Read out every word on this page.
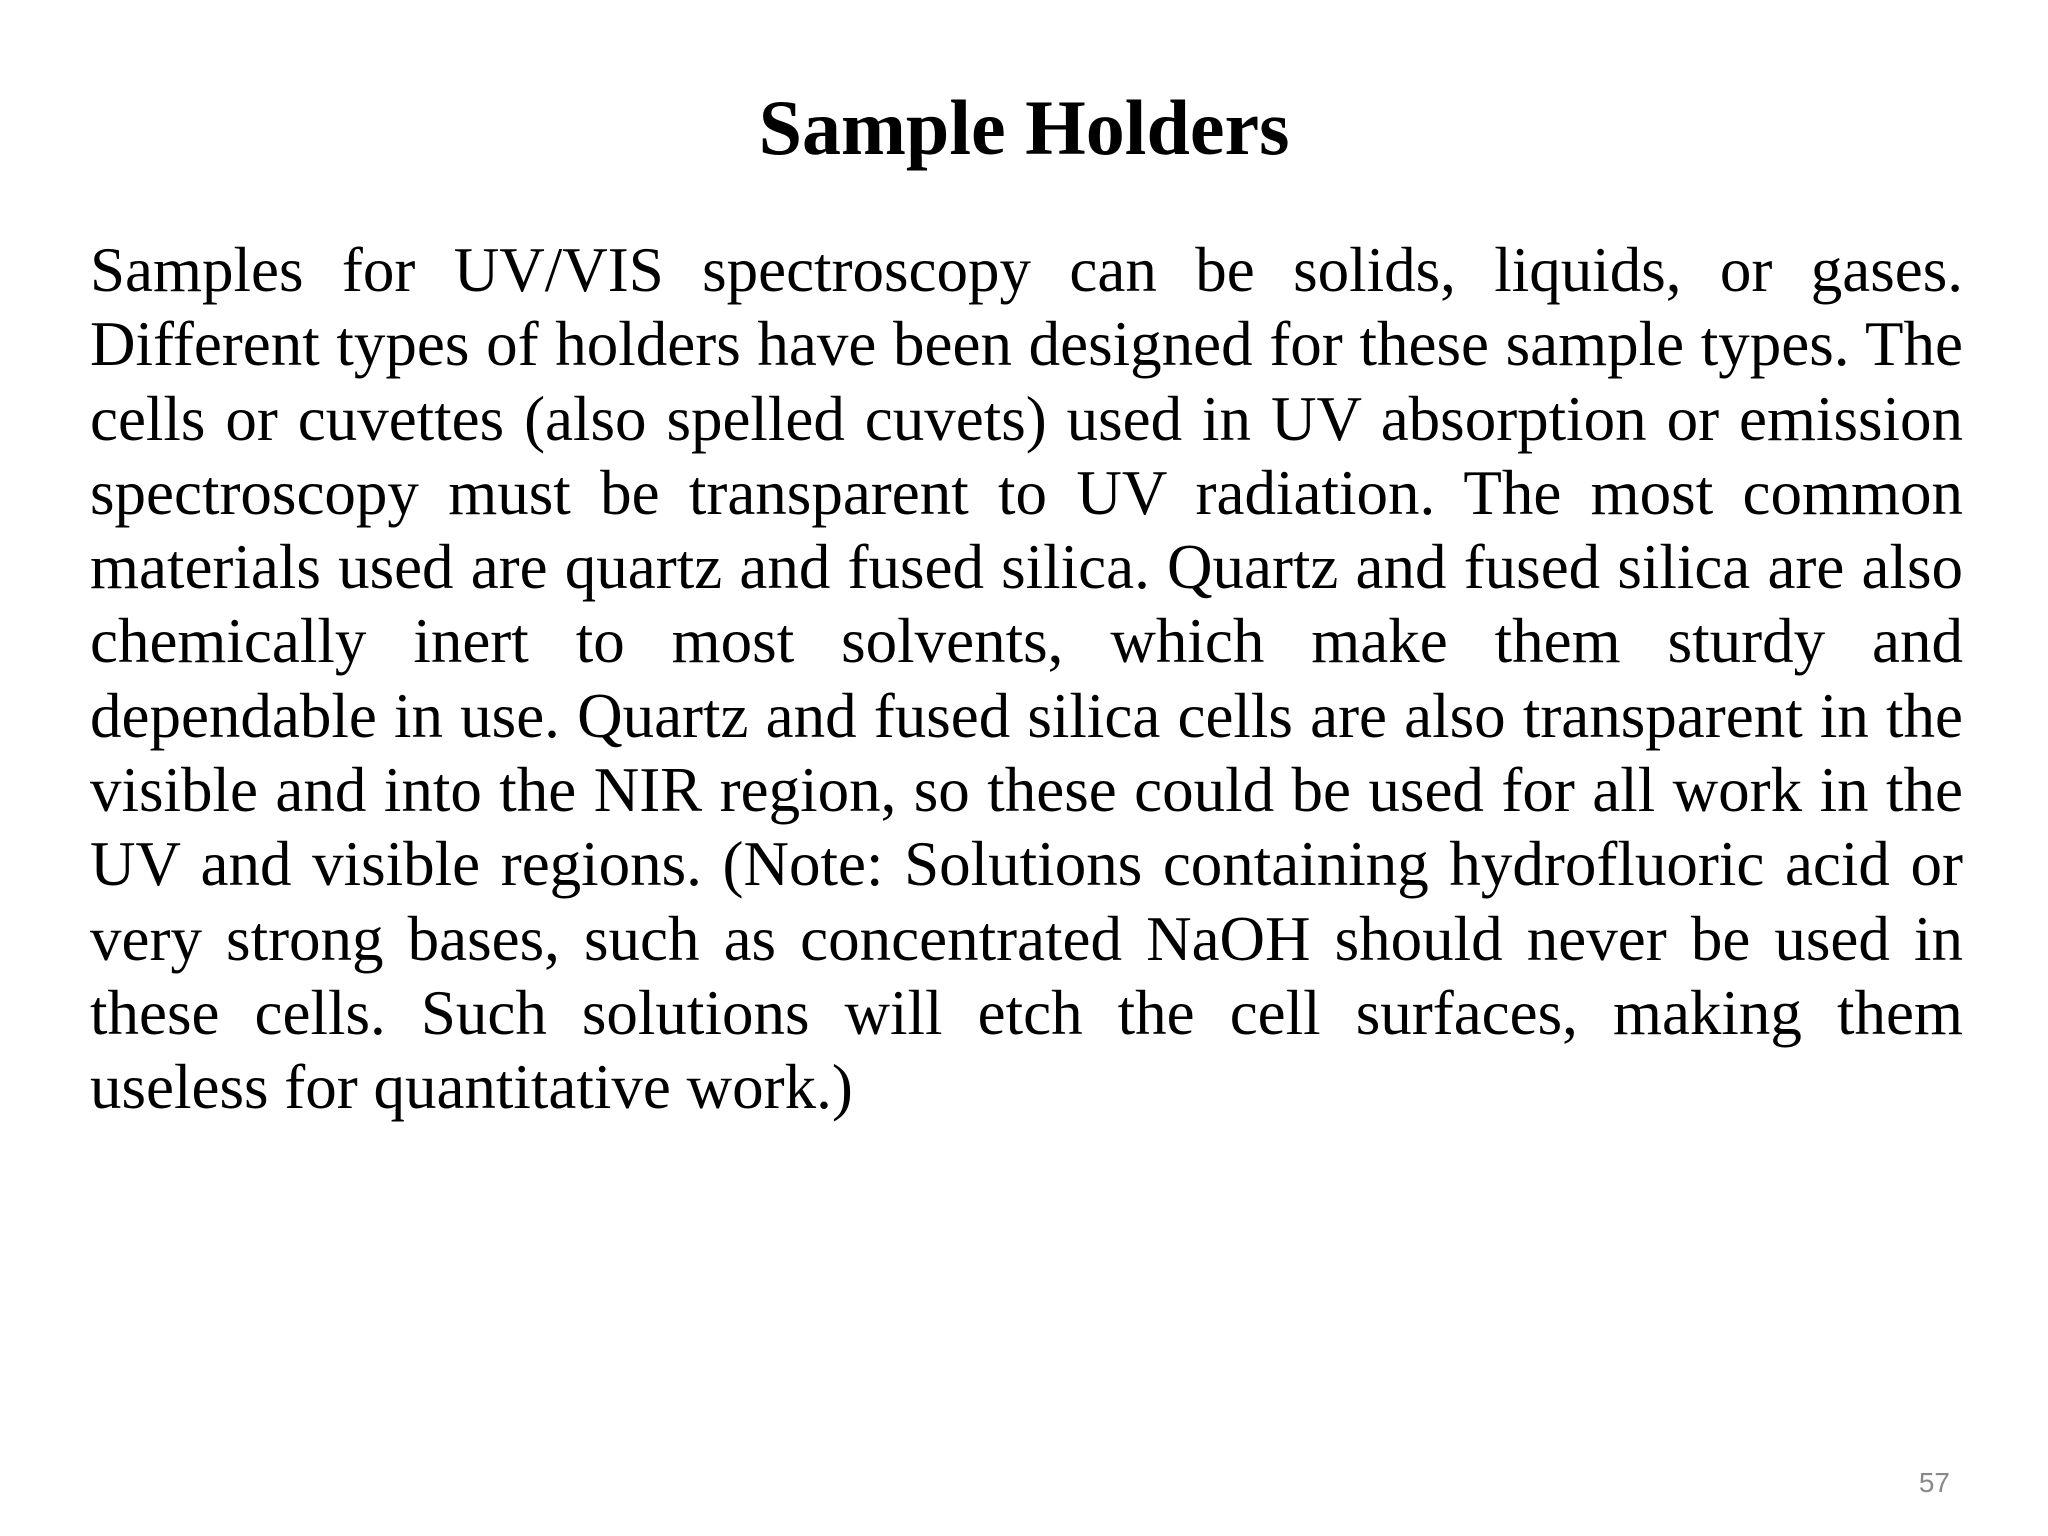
Sample Holders

Samples for UV/VIS spectroscopy can be solids, liquids, or gases. Different types of holders have been designed for these sample types. The cells or cuvettes (also spelled cuvets) used in UV absorption or emission spectroscopy must be transparent to UV radiation. The most common materials used are quartz and fused silica. Quartz and fused silica are also chemically inert to most solvents, which make them sturdy and dependable in use. Quartz and fused silica cells are also transparent in the visible and into the NIR region, so these could be used for all work in the UV and visible regions. (Note: Solutions containing hydrofluoric acid or very strong bases, such as concentrated NaOH should never be used in these cells. Such solutions will etch the cell surfaces, making them useless for quantitative work.)

57
